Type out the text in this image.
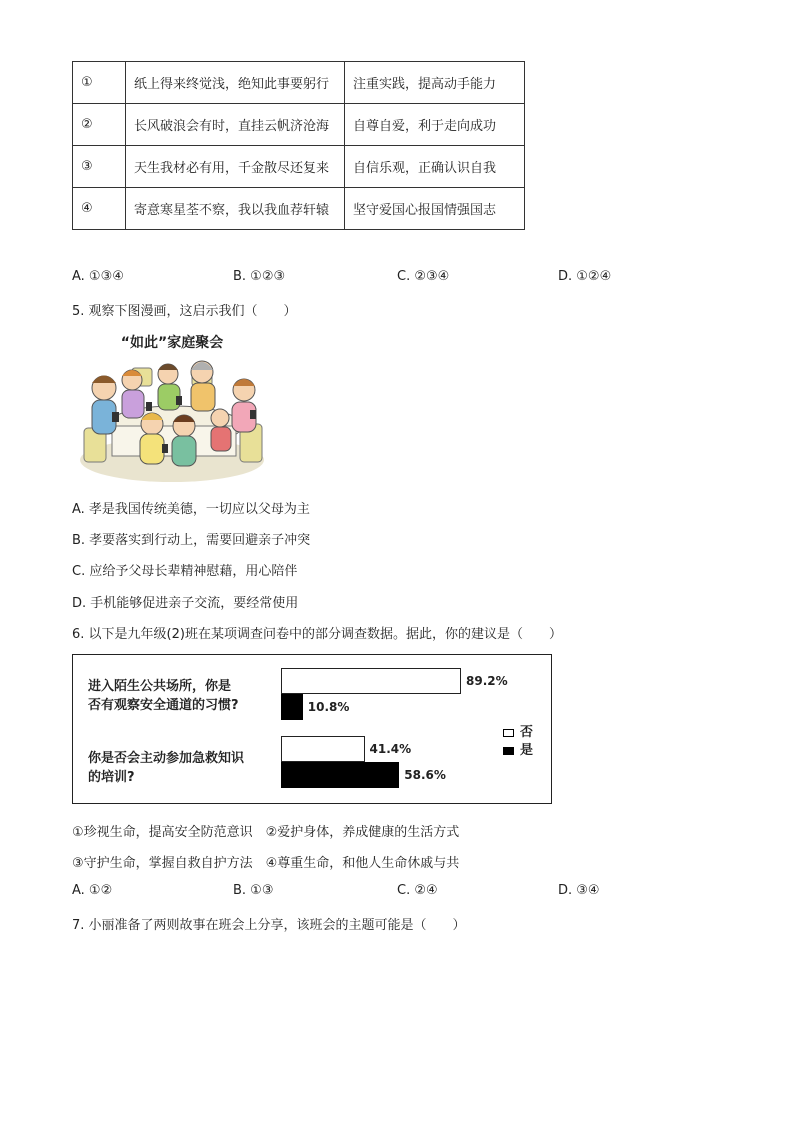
①	纸上得来终觉浅，绝知此事要躬行	注重实践，提高动手能力
②	长风破浪会有时，直挂云帆济沧海	自尊自爱，利于走向成功
③	天生我材必有用，千金散尽还复来	自信乐观，正确认识自我
④	寄意寒星荃不察，我以我血荐轩辕	坚守爱国心报国情强国志
A. ①③④	B. ①②③	C. ②③④	D. ①②④
5. 观察下图漫画，这启示我们（　　）
“如此”家庭聚会
A. 孝是我国传统美德，一切应以父母为主
B. 孝要落实到行动上，需要回避亲子冲突
C. 应给予父母长辈精神慰藉，用心陪伴
D. 手机能够促进亲子交流，要经常使用
6. 以下是九年级(2)班在某项调查问卷中的部分调查数据。据此，你的建议是（　　）
进入陌生公共场所，你是
否有观察安全通道的习惯?
你是否会主动参加急救知识
的培训?
89.2%
10.8%
41.4%
58.6%
否
是
①珍视生命，提高安全防范意识　②爱护身体，养成健康的生活方式
③守护生命，掌握自救自护方法　④尊重生命，和他人生命休戚与共
A. ①②	B. ①③	C. ②④	D. ③④
7. 小丽准备了两则故事在班会上分享，该班会的主题可能是（　　）
